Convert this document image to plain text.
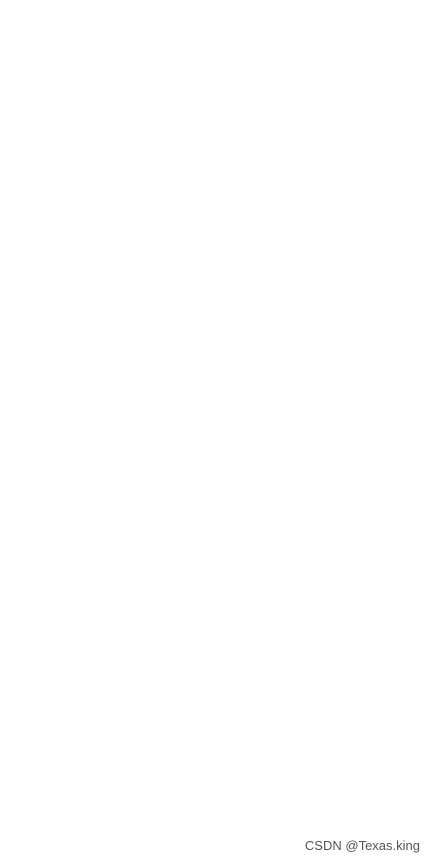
CSDN @Texas.king
